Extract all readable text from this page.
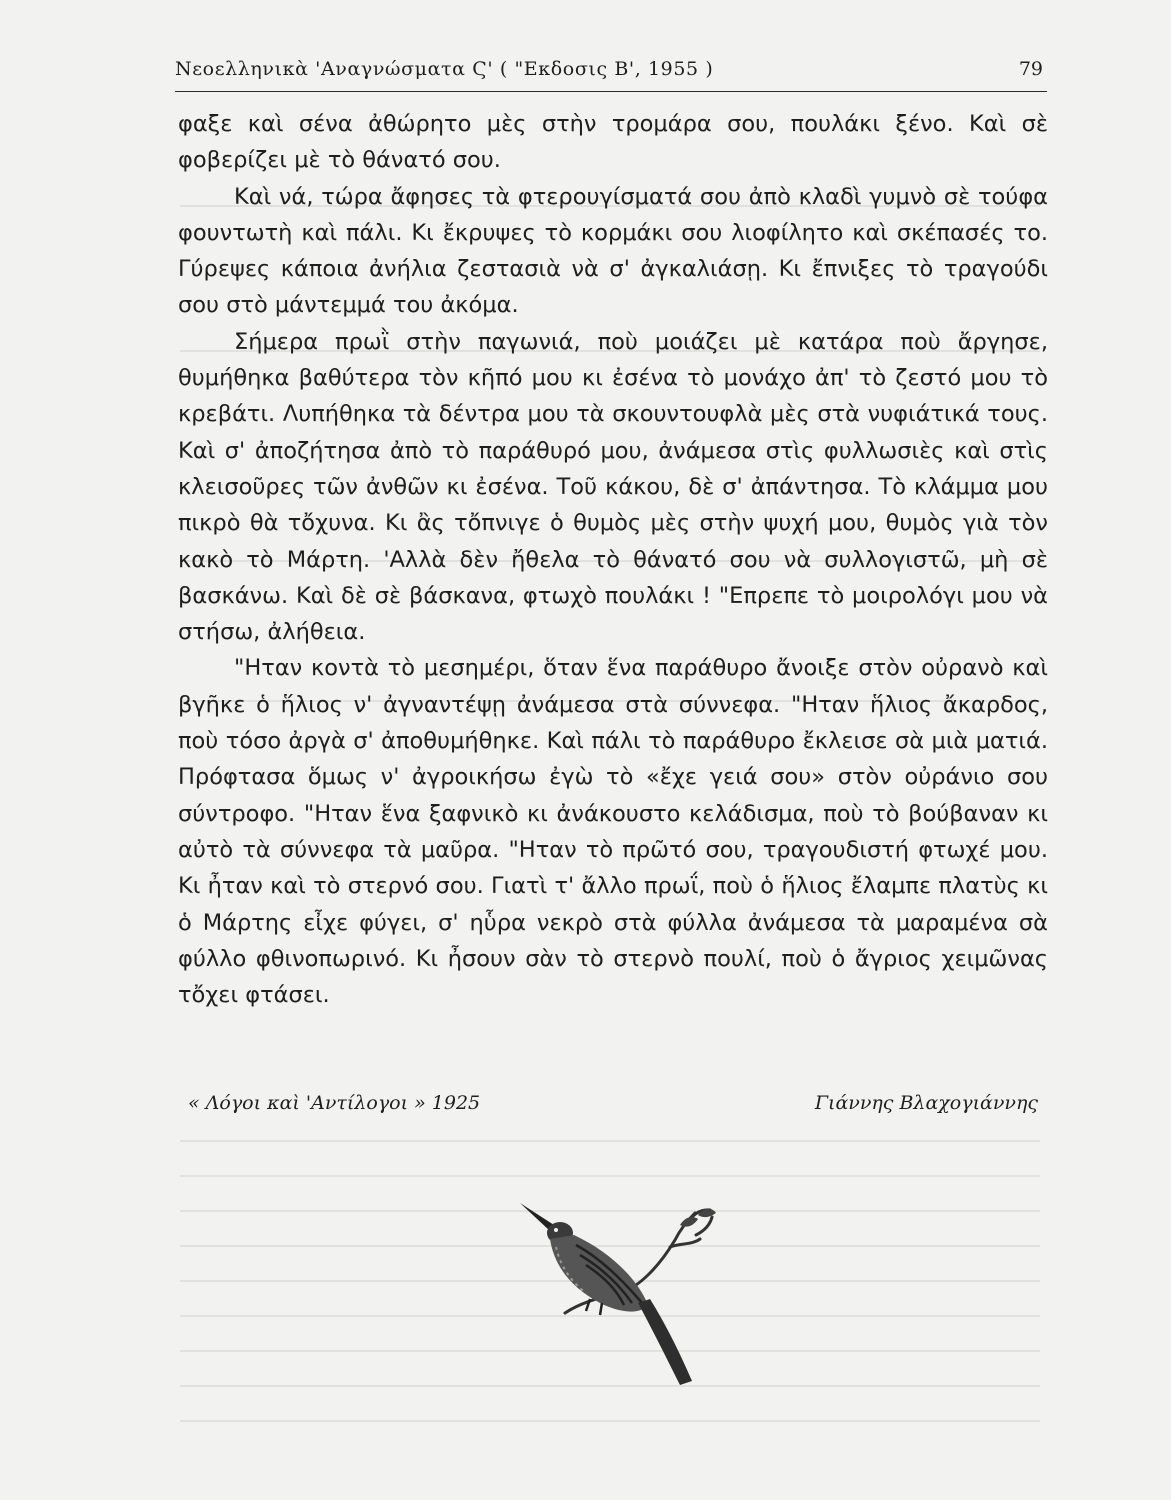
Νεοελληνικὰ 'Αναγνώσματα Ϛ' ( "Εκδοσις Β', 1955 )	79

φαξε καὶ σένα ἀθώρητο μὲς στὴν τρομάρα σου, πουλάκι ξένο. Καὶ σὲ φοβερίζει μὲ τὸ θάνατό σου.

Καὶ νά, τώρα ἄφησες τὰ φτερουγίσματά σου ἀπὸ κλαδὶ γυμνὸ σὲ τούφα φουντωτὴ καὶ πάλι. Κι ἔκρυψες τὸ κορμάκι σου λιοφίλητο καὶ σκέπασές το. Γύρεψες κάποια ἀνήλια ζεστασιὰ νὰ σ' ἀγκαλιάσῃ. Κι ἔπνιξες τὸ τραγούδι σου στὸ μάντεμμά του ἀκόμα.

Σήμερα πρωῒ στὴν παγωνιά, ποὺ μοιάζει μὲ κατάρα ποὺ ἄργησε, θυμήθηκα βαθύτερα τὸν κῆπό μου κι ἐσένα τὸ μονάχο ἀπ' τὸ ζεστό μου τὸ κρεβάτι. Λυπήθηκα τὰ δέντρα μου τὰ σκουντουφλὰ μὲς στὰ νυφιάτικά τους. Καὶ σ' ἀποζήτησα ἀπὸ τὸ παράθυρό μου, ἀνάμεσα στὶς φυλλωσιὲς καὶ στὶς κλεισοῦρες τῶν ἀνθῶν κι ἐσένα. Τοῦ κάκου, δὲ σ' ἀπάντησα. Τὸ κλάμμα μου πικρὸ θὰ τὄχυνα. Κι ἂς τὄπνιγε ὁ θυμὸς μὲς στὴν ψυχή μου, θυμὸς γιὰ τὸν κακὸ τὸ Μάρτη. 'Αλλὰ δὲν ἤθελα τὸ θάνατό σου νὰ συλλογιστῶ, μὴ σὲ βασκάνω. Καὶ δὲ σὲ βάσκανα, φτωχὸ πουλάκι ! "Επρεπε τὸ μοιρολόγι μου νὰ στήσω, ἀλήθεια.

"Ηταν κοντὰ τὸ μεσημέρι, ὅταν ἕνα παράθυρο ἄνοιξε στὸν οὐρανὸ καὶ βγῆκε ὁ ἥλιος ν' ἀγναντέψῃ ἀνάμεσα στὰ σύννεφα. "Ηταν ἥλιος ἄκαρδος, ποὺ τόσο ἀργὰ σ' ἀποθυμήθηκε. Καὶ πάλι τὸ παράθυρο ἔκλεισε σὰ μιὰ ματιά. Πρόφτασα ὅμως ν' ἀγροικήσω ἐγὼ τὸ «ἔχε γειά σου» στὸν οὐράνιο σου σύντροφο. "Ηταν ἕνα ξαφνικὸ κι ἀνάκουστο κελάδισμα, ποὺ τὸ βούβαναν κι αὐτὸ τὰ σύννεφα τὰ μαῦρα. "Ηταν τὸ πρῶτό σου, τραγουδιστή φτωχέ μου. Κι ἦταν καὶ τὸ στερνό σου. Γιατὶ τ' ἄλλο πρωΐ, ποὺ ὁ ἥλιος ἔλαμπε πλατὺς κι ὁ Μάρτης εἶχε φύγει, σ' ηὗρα νεκρὸ στὰ φύλλα ἀνάμεσα τὰ μαραμένα σὰ φύλλο φθινοπωρινό. Κι ἦσουν σὰν τὸ στερνὸ πουλί, ποὺ ὁ ἄγριος χειμῶνας τὄχει φτάσει.

« Λόγοι καὶ 'Αντίλογοι » 1925	Γιάννης Βλαχογιάννης
